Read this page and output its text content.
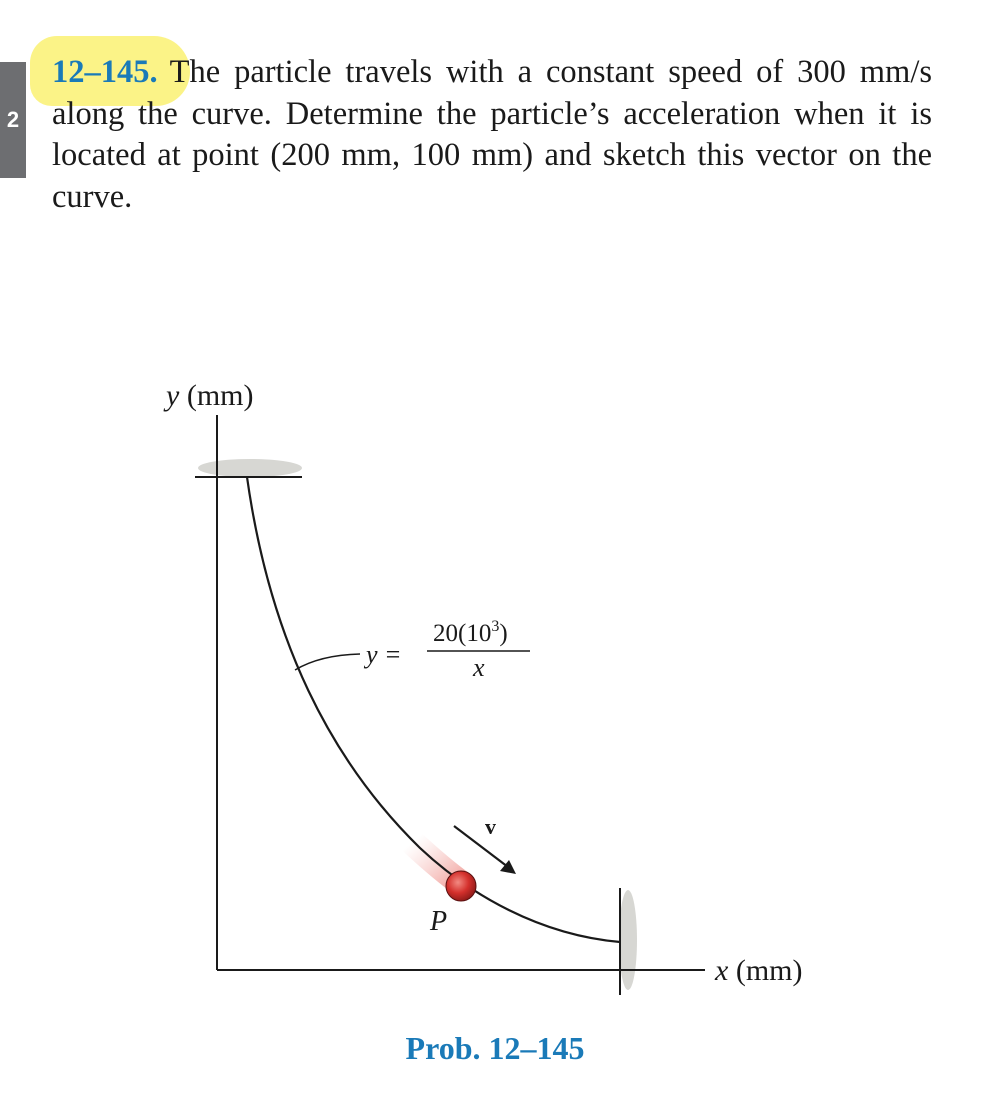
2

12–145. The particle travels with a constant speed of 300 mm/s along the curve. Determine the particle’s acceleration when it is located at point (200 mm, 100 mm) and sketch this vector on the curve.

y =
$20(10^3)$
x
v
P
y (mm)
x (mm)

Prob. 12–145
